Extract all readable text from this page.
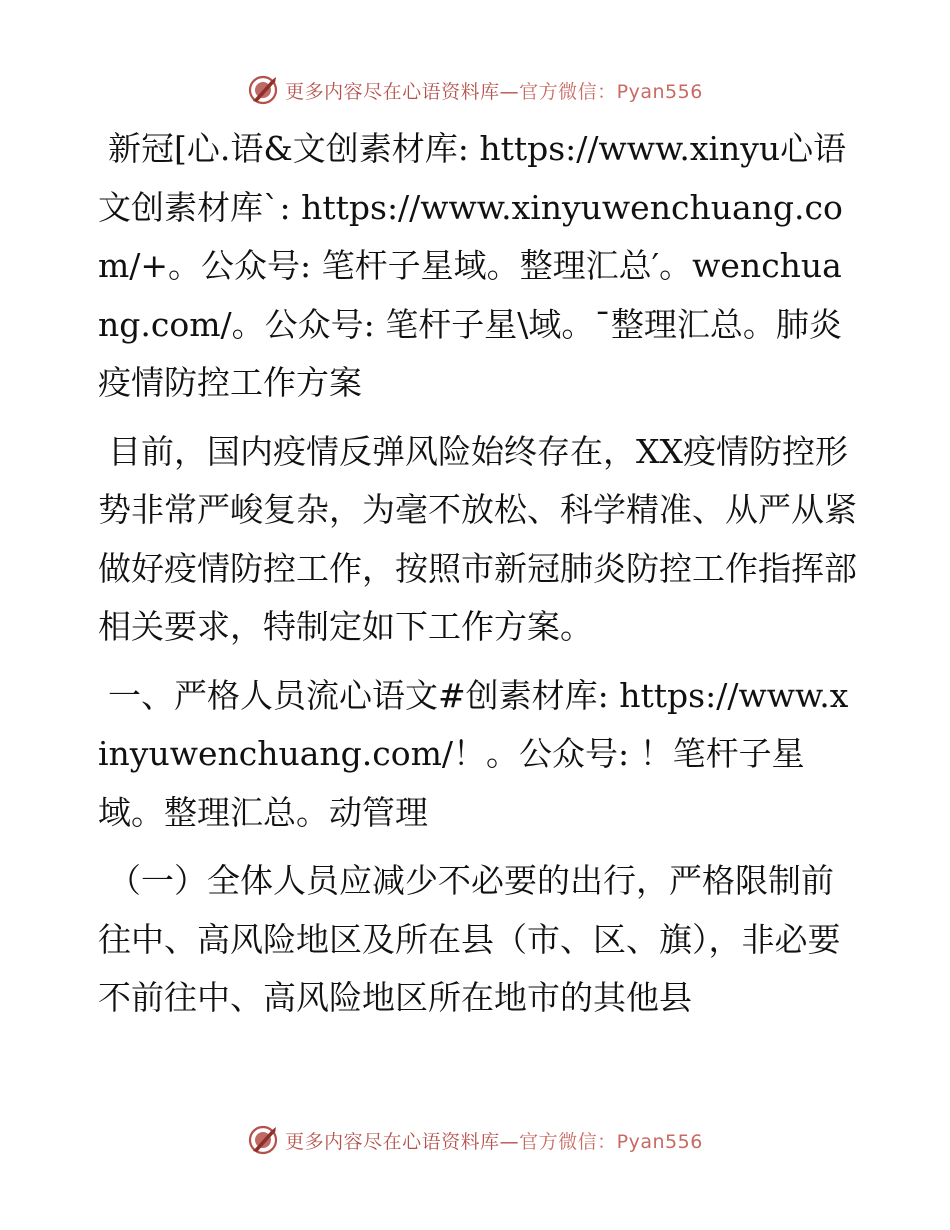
更多内容尽在心语资料库—官方微信：Pyan556

新冠[心.语&文创素材库: https://www.xinyu心语文创素材库`: https://www.xinyuwenchuang.com/+。公众号: 笔杆子星域。整理汇总′。wenchuang.com/。公众号: 笔杆子星\域。¯整理汇总。肺炎疫情防控工作方案

目前，国内疫情反弹风险始终存在，XX疫情防控形势非常严峻复杂，为毫不放松、科学精准、从严从紧做好疫情防控工作，按照市新冠肺炎防控工作指挥部相关要求，特制定如下工作方案。

一、严格人员流心语文#创素材库: https://www.xinyuwenchuang.com/！。公众号: ！笔杆子星域。整理汇总。动管理

（一）全体人员应减少不必要的出行，严格限制前往中、高风险地区及所在县（市、区、旗），非必要不前往中、高风险地区所在地市的其他县

更多内容尽在心语资料库—官方微信：Pyan556
